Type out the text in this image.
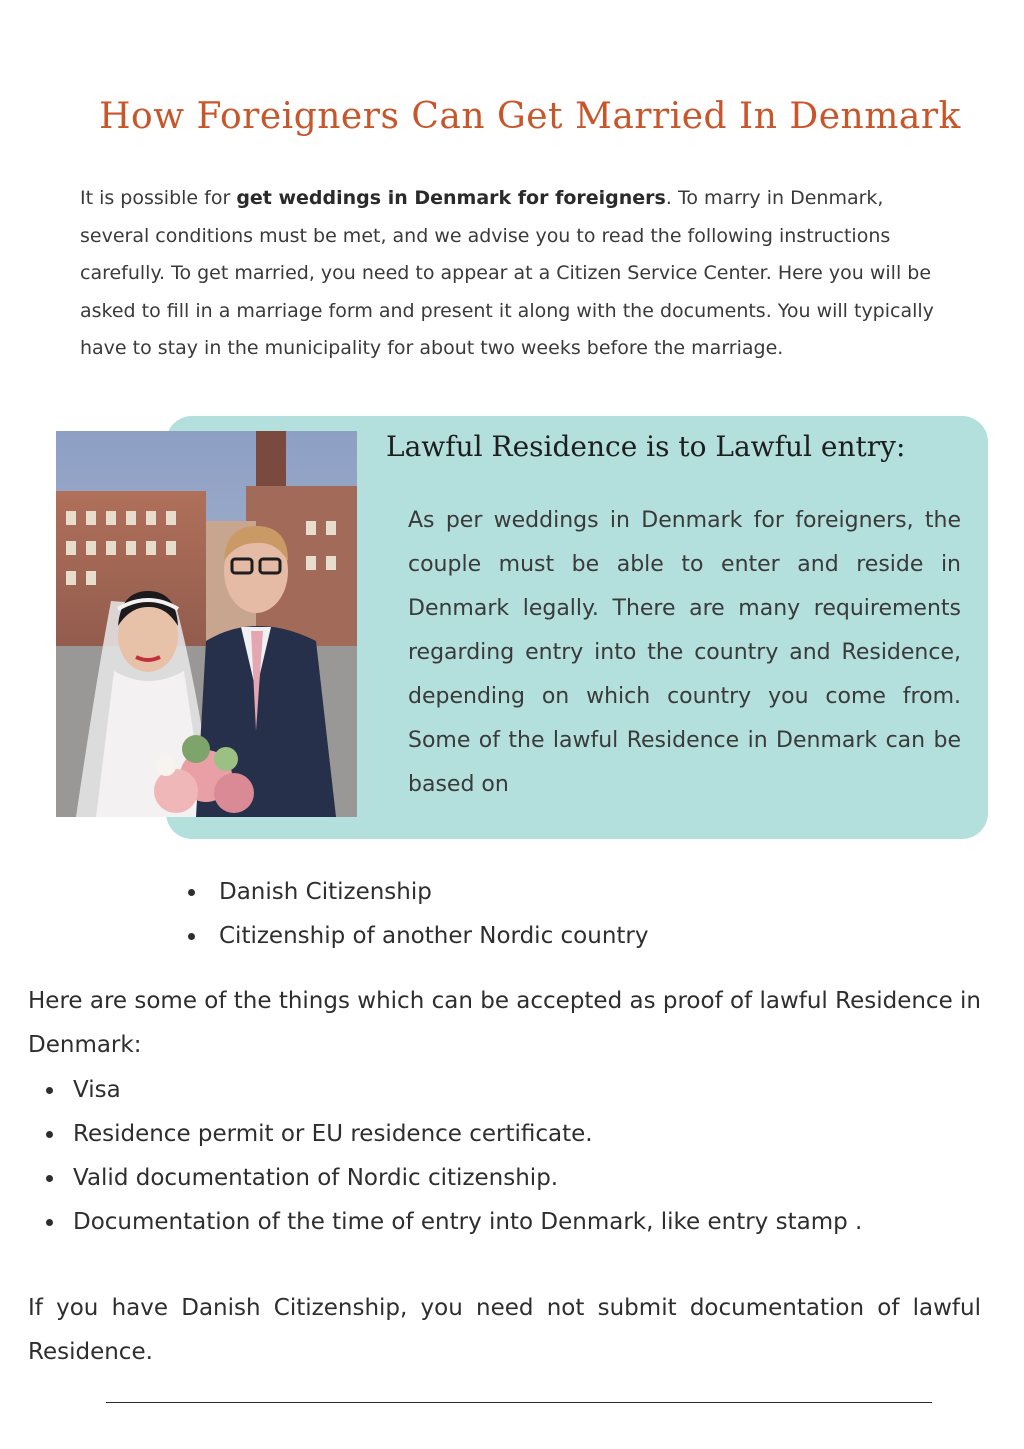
How Foreigners Can Get Married In Denmark

It is possible for get weddings in Denmark for foreigners. To marry in Denmark, several conditions must be met, and we advise you to read the following instructions carefully. To get married, you need to appear at a Citizen Service Center. Here you will be asked to fill in a marriage form and present it along with the documents. You will typically have to stay in the municipality for about two weeks before the marriage.

Lawful Residence is to Lawful entry:

As per weddings in Denmark for foreigners, the couple must be able to enter and reside in Denmark legally. There are many requirements regarding entry into the country and Residence, depending on which country you come from. Some of the lawful Residence in Denmark can be based on

Danish Citizenship
Citizenship of another Nordic country

Here are some of the things which can be accepted as proof of lawful Residence in Denmark:

Visa
Residence permit or EU residence certificate.
Valid documentation of Nordic citizenship.
Documentation of the time of entry into Denmark, like entry stamp .

If you have Danish Citizenship, you need not submit documentation of lawful Residence.
